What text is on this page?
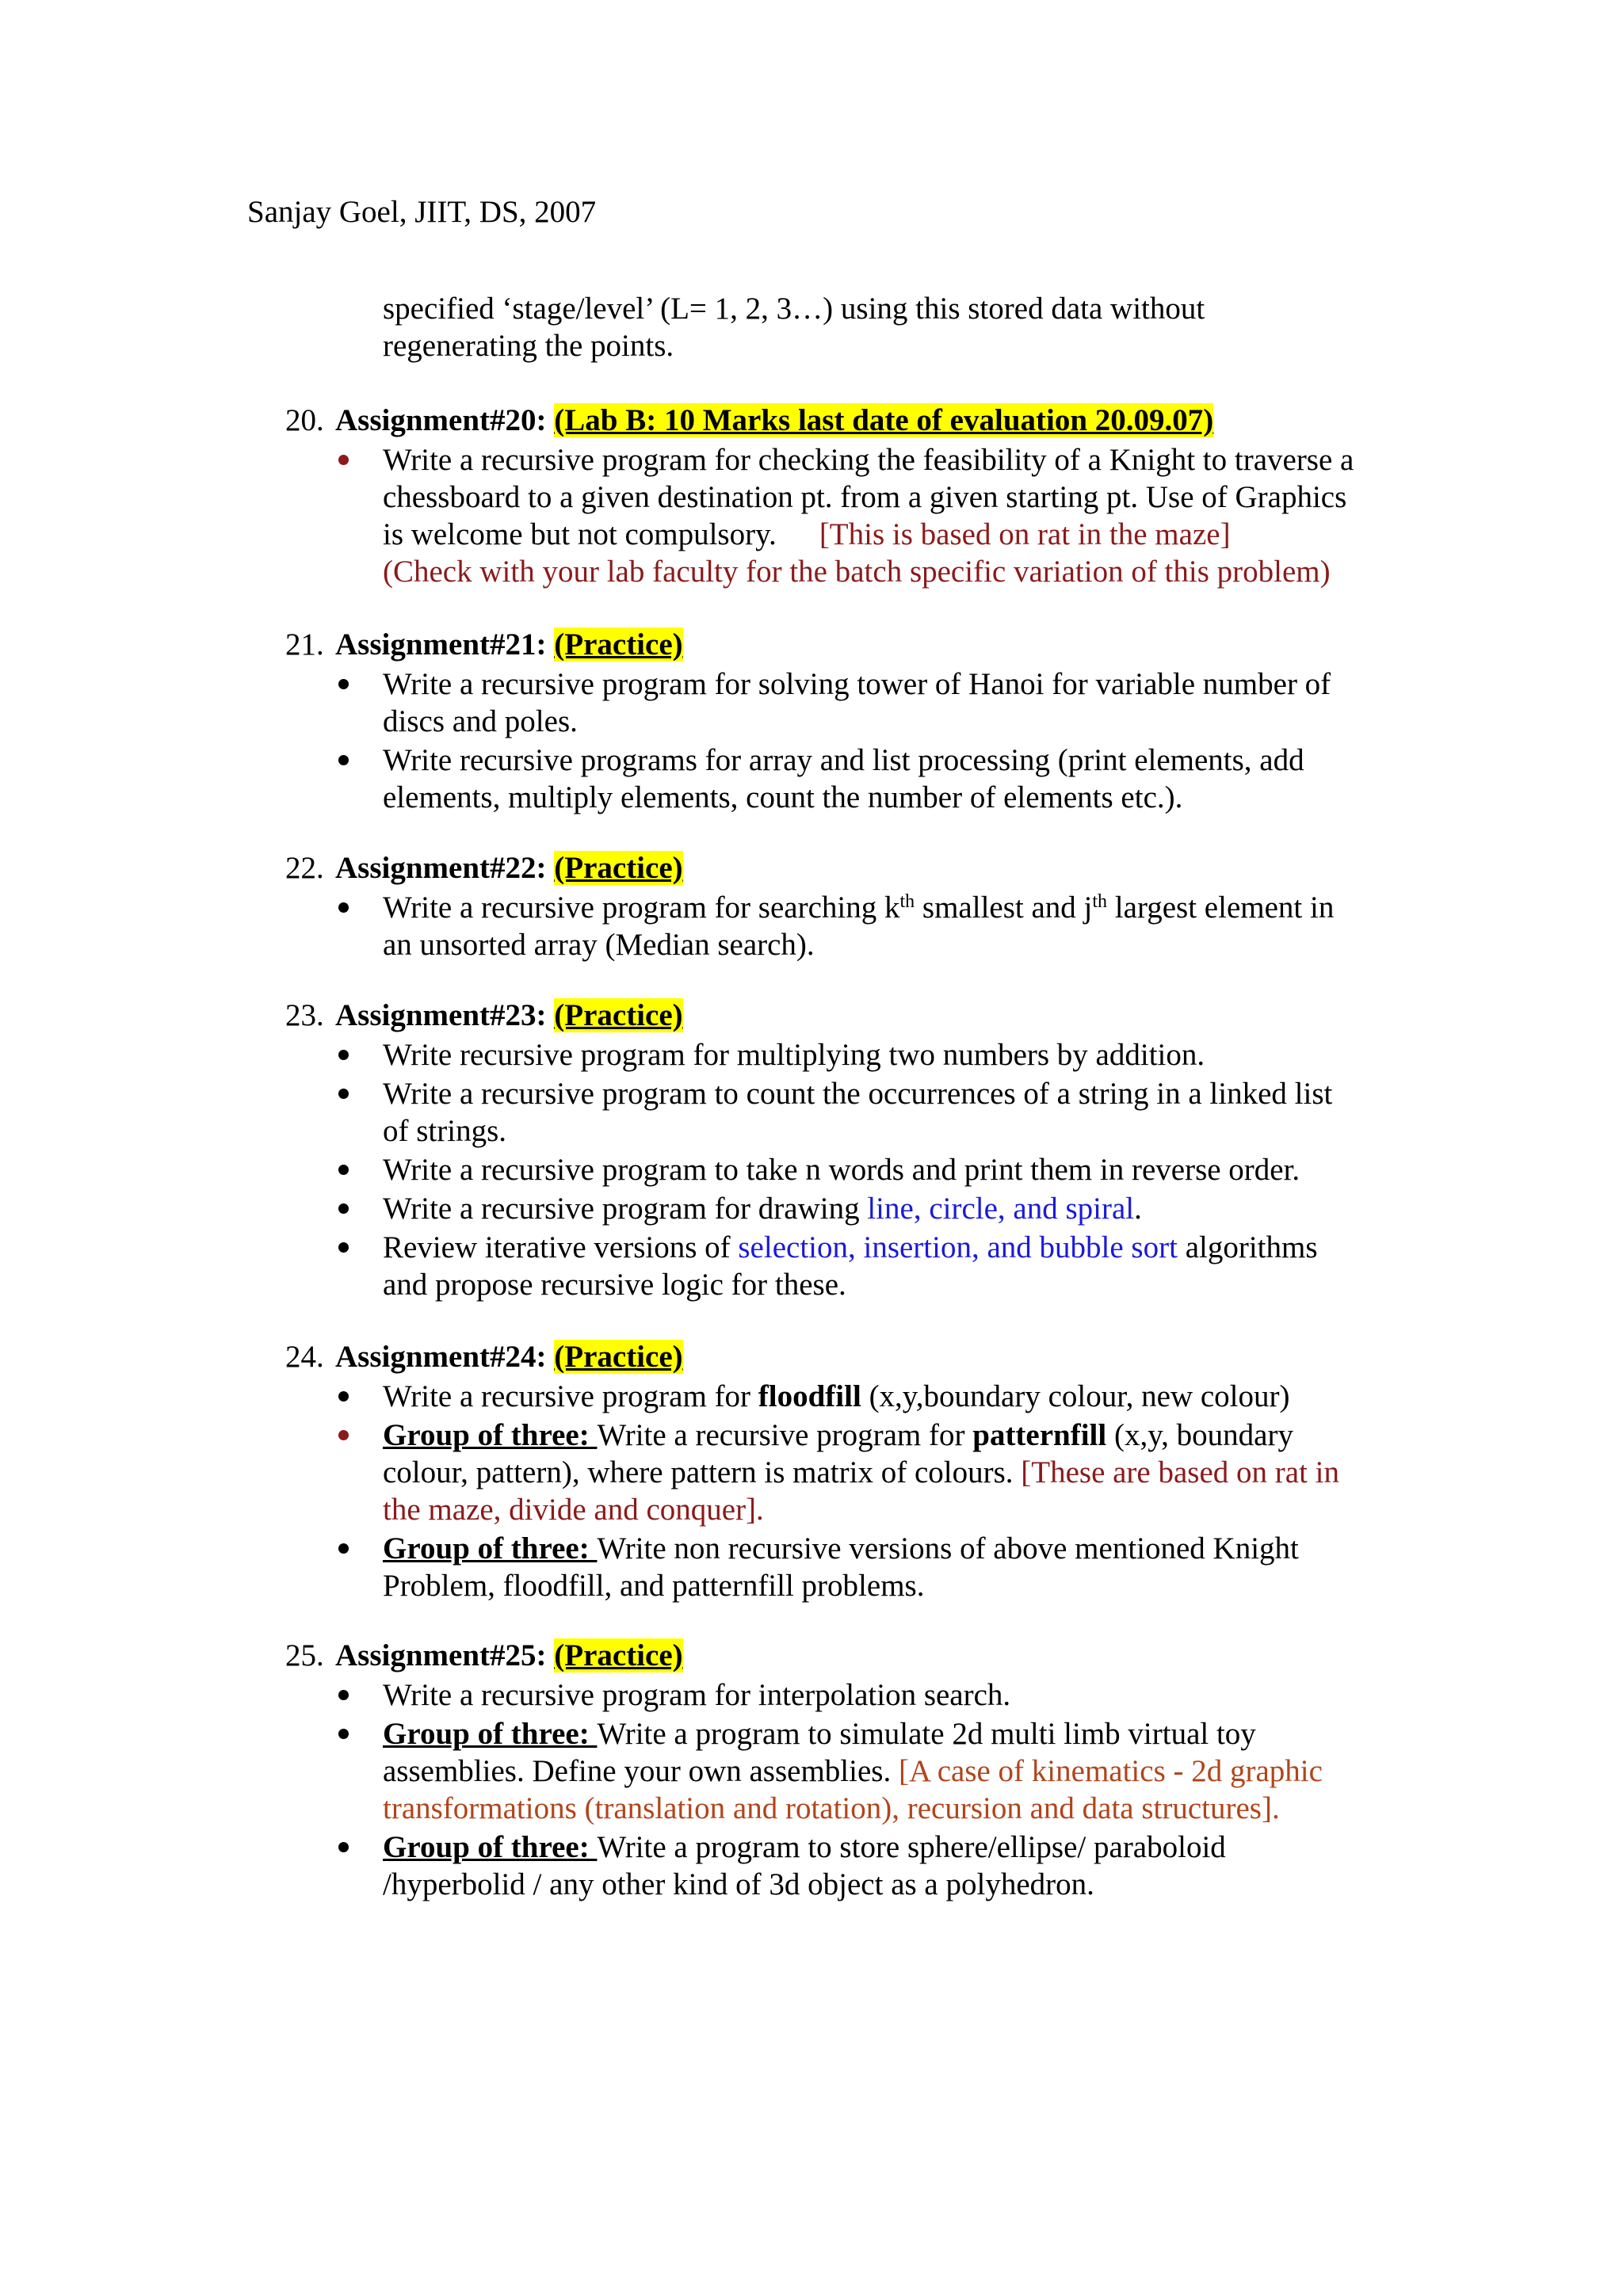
Sanjay Goel, JIIT, DS, 2007
specified ‘stage/level’ (L= 1, 2, 3…) using this stored data without
regenerating the points.
20. Assignment#20: (Lab B: 10 Marks last date of evaluation 20.09.07)
Write a recursive program for checking the feasibility of a Knight to traverse a
chessboard to a given destination pt. from a given starting pt. Use of Graphics
is welcome but not compulsory. [This is based on rat in the maze]
(Check with your lab faculty for the batch specific variation of this problem)
21. Assignment#21: (Practice)
Write a recursive program for solving tower of Hanoi for variable number of
discs and poles.
Write recursive programs for array and list processing (print elements, add
elements, multiply elements, count the number of elements etc.).
22. Assignment#22: (Practice)
Write a recursive program for searching $k^{th}$ smallest and $j^{th}$ largest element in
an unsorted array (Median search).
23. Assignment#23: (Practice)
Write recursive program for multiplying two numbers by addition.
Write a recursive program to count the occurrences of a string in a linked list
of strings.
Write a recursive program to take n words and print them in reverse order.
Write a recursive program for drawing line, circle, and spiral.
Review iterative versions of selection, insertion, and bubble sort algorithms
and propose recursive logic for these.
24. Assignment#24: (Practice)
Write a recursive program for floodfill (x,y,boundary colour, new colour)
Group of three: Write a recursive program for patternfill (x,y, boundary
colour, pattern), where pattern is matrix of colours. [These are based on rat in
the maze, divide and conquer].
Group of three: Write non recursive versions of above mentioned Knight
Problem, floodfill, and patternfill problems.
25. Assignment#25: (Practice)
Write a recursive program for interpolation search.
Group of three: Write a program to simulate 2d multi limb virtual toy
assemblies. Define your own assemblies. [A case of kinematics - 2d graphic
transformations (translation and rotation), recursion and data structures].
Group of three: Write a program to store sphere/ellipse/ paraboloid
/hyperbolid / any other kind of 3d object as a polyhedron.
